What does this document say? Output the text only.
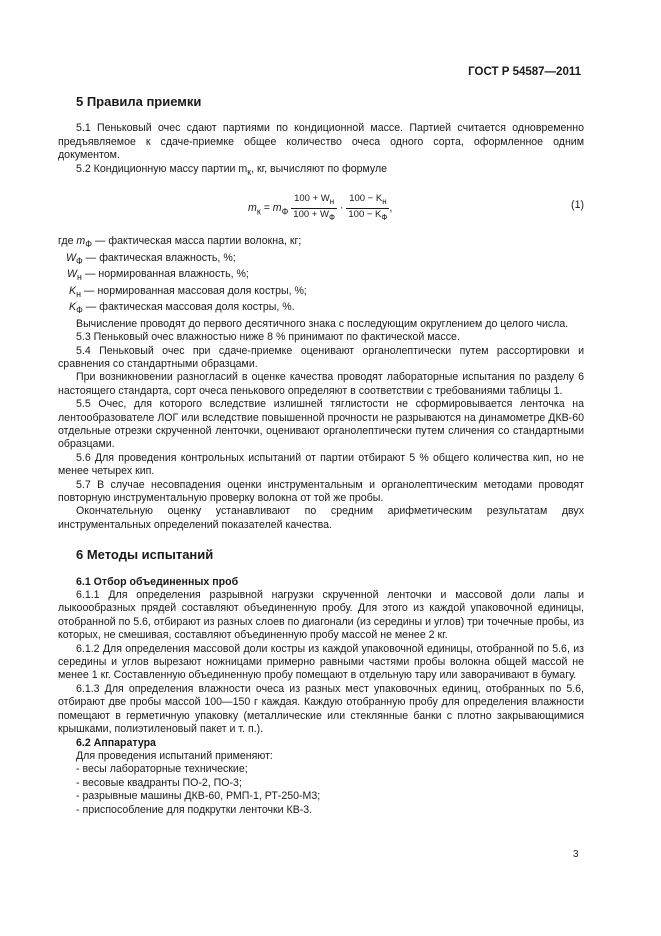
ГОСТ Р 54587—2011
5 Правила приемки

5.1 Пеньковый очес сдают партиями по кондиционной массе. Партией считается одновременно предъявляемое к сдаче-приемке общее количество очеса одного сорта, оформленное одним документом.

5.2 Кондиционную массу партии $m_к$, кг, вычисляют по формуле

$m_к = m_Ф \frac{100 + W_н}{100 + W_Ф} \cdot \frac{100 - K_н}{100 - K_Ф}$ ,	(1)
где $m_Ф$ — фактическая масса партии волокна, кг;
$W_Ф$ — фактическая влажность, %;
$W_н$ — нормированная влажность, %;
$K_н$ — нормированная массовая доля костры, %;
$K_Ф$ — фактическая массовая доля костры, %.

Вычисление проводят до первого десятичного знака с последующим округлением до целого числа.

5.3 Пеньковый очес влажностью ниже 8 % принимают по фактической массе.

5.4 Пеньковый очес при сдаче-приемке оценивают органолептически путем рассортировки и сравнения со стандартными образцами.

При возникновении разногласий в оценке качества проводят лабораторные испытания по разделу 6 настоящего стандарта, сорт очеса пенькового определяют в соответствии с требованиями таблицы 1.

5.5 Очес, для которого вследствие излишней тяглистости не сформировывается ленточка на лентообразователе ЛОГ или вследствие повышенной прочности не разрываются на динамометре ДКВ-60 отдельные отрезки скрученной ленточки, оценивают органолептически путем сличения со стандартными образцами.

5.6 Для проведения контрольных испытаний от партии отбирают 5 % общего количества кип, но не менее четырех кип.

5.7 В случае несовпадения оценки инструментальным и органолептическим методами проводят повторную инструментальную проверку волокна от той же пробы.

Окончательную оценку устанавливают по средним арифметическим результатам двух инструментальных определений показателей качества.

6 Методы испытаний

6.1 Отбор объединенных проб

6.1.1 Для определения разрывной нагрузки скрученной ленточки и массовой доли лапы и лыкоообразных прядей составляют объединенную пробу. Для этого из каждой упаковочной единицы, отобранной по 5.6, отбирают из разных слоев по диагонали (из середины и углов) три точечные пробы, из которых, не смешивая, составляют объединенную пробу массой не менее 2 кг.

6.1.2 Для определения массовой доли костры из каждой упаковочной единицы, отобранной по 5.6, из середины и углов вырезают ножницами примерно равными частями пробы волокна общей массой не менее 1 кг. Составленную объединенную пробу помещают в отдельную тару или заворачивают в бумагу.

6.1.3 Для определения влажности очеса из разных мест упаковочных единиц, отобранных по 5.6, отбирают две пробы массой 100—150 г каждая. Каждую отобранную пробу для определения влажности помещают в герметичную упаковку (металлические или стеклянные банки с плотно закрывающимися крышками, полиэтиленовый пакет и т. п.).

6.2 Аппаратура

Для проведения испытаний применяют:

- весы лабораторные технические;

- весовые квадранты ПО-2, ПО-3;

- разрывные машины ДКВ-60, РМП-1, РТ-250-М3;

- приспособление для подкрутки ленточки КВ-3.

3
